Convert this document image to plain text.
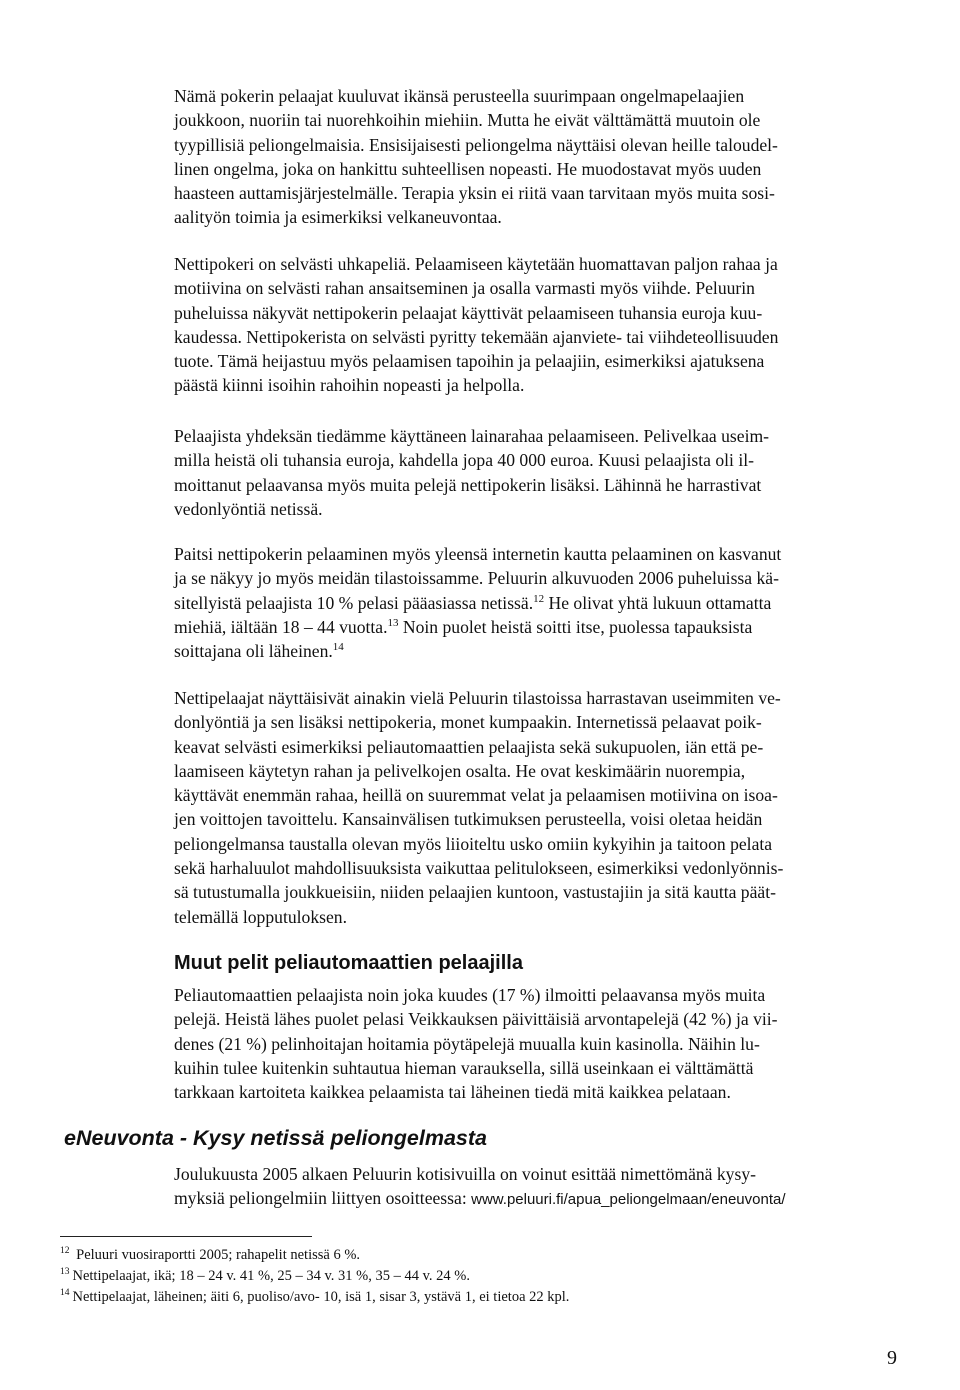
Nämä pokerin pelaajat kuuluvat ikänsä perusteella suurimpaan ongelmapelaajien
joukkoon, nuoriin tai nuorehkoihin miehiin. Mutta he eivät välttämättä muutoin ole
tyypillisiä peliongelmaisia. Ensisijaisesti peliongelma näyttäisi olevan heille taloudel-
linen ongelma, joka on hankittu suhteellisen nopeasti. He muodostavat myös uuden
haasteen auttamisjärjestelmälle. Terapia yksin ei riitä vaan tarvitaan myös muita sosi-
aalityön toimia ja esimerkiksi velkaneuvontaa.

Nettipokeri on selvästi uhkapeliä. Pelaamiseen käytetään huomattavan paljon rahaa ja
motiivina on selvästi rahan ansaitseminen ja osalla varmasti myös viihde. Peluurin
puheluissa näkyvät nettipokerin pelaajat käyttivät pelaamiseen tuhansia euroja kuu-
kaudessa. Nettipokerista on selvästi pyritty tekemään ajanviete- tai viihdeteollisuuden
tuote. Tämä heijastuu myös pelaamisen tapoihin ja pelaajiin, esimerkiksi ajatuksena
päästä kiinni isoihin rahoihin nopeasti ja helpolla.

Pelaajista yhdeksän tiedämme käyttäneen lainarahaa pelaamiseen. Pelivelkaa useim-
milla heistä oli tuhansia euroja, kahdella jopa 40 000 euroa. Kuusi pelaajista oli il-
moittanut pelaavansa myös muita pelejä nettipokerin lisäksi. Lähinnä he harrastivat
vedonlyöntiä netissä.

Paitsi nettipokerin pelaaminen myös yleensä internetin kautta pelaaminen on kasvanut
ja se näkyy jo myös meidän tilastoissamme. Peluurin alkuvuoden 2006 puheluissa kä-
sitellyistä pelaajista 10 % pelasi pääasiassa netissä.$^{12}$ He olivat yhtä lukuun ottamatta
miehiä, iältään 18 – 44 vuotta.$^{13}$ Noin puolet heistä soitti itse, puolessa tapauksista
soittajana oli läheinen.$^{14}$

Nettipelaajat näyttäisivät ainakin vielä Peluurin tilastoissa harrastavan useimmiten ve-
donlyöntiä ja sen lisäksi nettipokeria, monet kumpaakin. Internetissä pelaavat poik-
keavat selvästi esimerkiksi peliautomaattien pelaajista sekä sukupuolen, iän että pe-
laamiseen käytetyn rahan ja pelivelkojen osalta. He ovat keskimäärin nuorempia,
käyttävät enemmän rahaa, heillä on suuremmat velat ja pelaamisen motiivina on isoa-
jen voittojen tavoittelu. Kansainvälisen tutkimuksen perusteella, voisi oletaa heidän
peliongelmansa taustalla olevan myös liioiteltu usko omiin kykyihin ja taitoon pelata
sekä harhaluulot mahdollisuuksista vaikuttaa pelitulokseen, esimerkiksi vedonlyönnis-
sä tutustumalla joukkueisiin, niiden pelaajien kuntoon, vastustajiin ja sitä kautta päät-
telemällä lopputuloksen.

Muut pelit peliautomaattien pelaajilla

Peliautomaattien pelaajista noin joka kuudes (17 %) ilmoitti pelaavansa myös muita
pelejä. Heistä lähes puolet pelasi Veikkauksen päivittäisiä arvontapelejä (42 %) ja vii-
denes (21 %) pelinhoitajan hoitamia pöytäpelejä muualla kuin kasinolla. Näihin lu-
kuihin tulee kuitenkin suhtautua hieman varauksella, sillä useinkaan ei välttämättä
tarkkaan kartoiteta kaikkea pelaamista tai läheinen tiedä mitä kaikkea pelataan.

eNeuvonta - Kysy netissä peliongelmasta

Joulukuusta 2005 alkaen Peluurin kotisivuilla on voinut esittää nimettömänä kysy-
myksiä peliongelmiin liittyen osoitteessa: www.peluuri.fi/apua_peliongelmaan/eneuvonta/

$^{12}$ Peluuri vuosiraportti 2005; rahapelit netissä 6 %.

$^{13}$ Nettipelaajat, ikä; 18 – 24 v. 41 %, 25 – 34 v. 31 %, 35 – 44 v. 24 %.

$^{14}$ Nettipelaajat, läheinen; äiti 6, puoliso/avo- 10, isä 1, sisar 3, ystävä 1, ei tietoa 22 kpl.

9
